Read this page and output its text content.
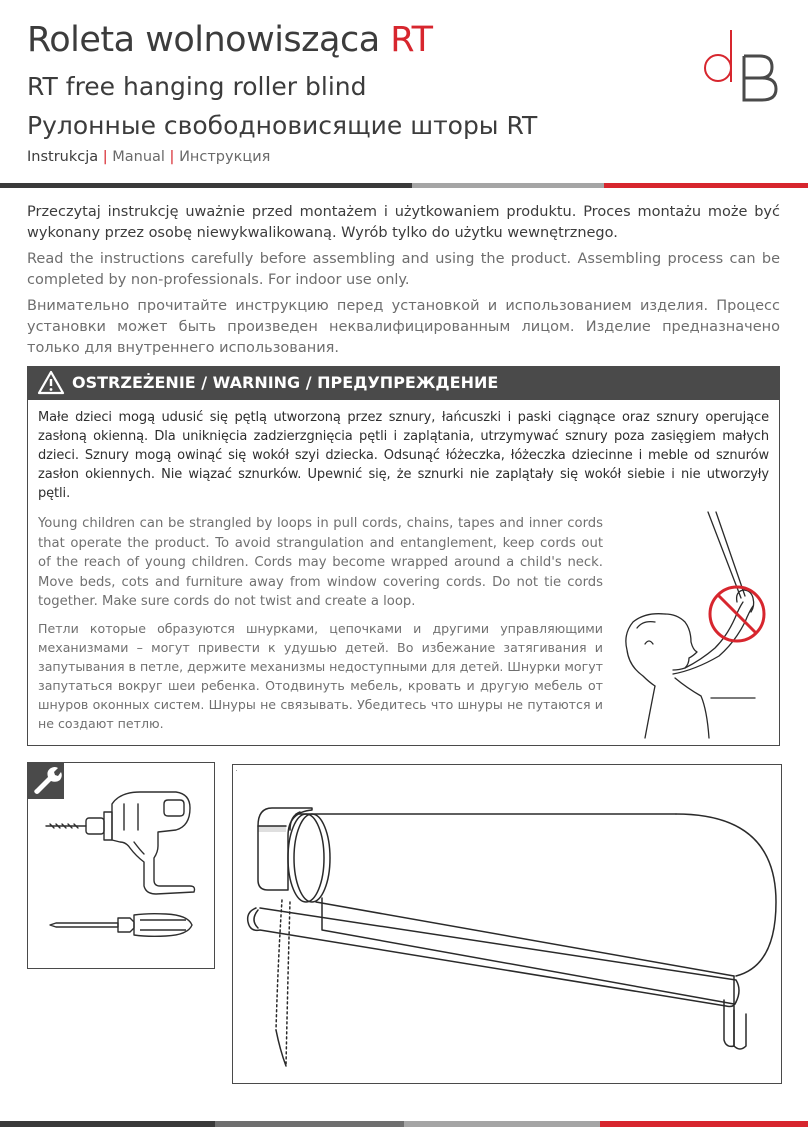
Roleta wolnowisząca RT
RT free hanging roller blind
Рулонные свободновисящие шторы RT
Instrukcja | Manual | Инструкция
dB
Przeczytaj instrukcję uważnie przed montażem i użytkowaniem produktu. Proces montażu może być wykonany przez osobę niewykwalikowaną. Wyrób tylko do użytku wewnętrznego.
Read the instructions carefully before assembling and using the product. Assembling process can be completed by non-professionals. For indoor use only.
Внимательно прочитайте инструкцию перед установкой и использованием изделия. Процесс установки может быть произведен неквалифицированным лицом. Изделие предназначено только для внутреннего использования.
OSTRZEŻENIE / WARNING / ПРЕДУПРЕЖДЕНИЕ
Małe dzieci mogą udusić się pętlą utworzoną przez sznury, łańcuszki i paski ciągnące oraz sznury operujące zasłoną okienną. Dla uniknięcia zadzierzgnięcia pętli i zaplątania, utrzymywać sznury poza zasięgiem małych dzieci. Sznury mogą owinąć się wokół szyi dziecka. Odsunąć łóżeczka, łóżeczka dziecinne i meble od sznurów zasłon okiennych. Nie wiązać sznurków. Upewnić się, że sznurki nie zaplątały się wokół siebie i nie utworzyły pętli.
Young children can be strangled by loops in pull cords, chains, tapes and inner cords that operate the product. To avoid strangulation and entanglement, keep cords out of the reach of young children. Cords may become wrapped around a child's neck. Move beds, cots and furniture away from window covering cords. Do not tie cords together. Make sure cords do not twist and create a loop.
Петли которые образуются шнурками, цепочками и другими управляющими механизмами – могут привести к удушью детей. Во избежание затягивания и запутывания в петле, держите механизмы недоступными для детей. Шнурки могут запутаться вокруг шеи ребенка. Отодвинуть мебель, кровать и другую мебель от шнуров оконных систем. Шнуры не связывать. Убедитесь что шнуры не путаются и не создают петлю.
